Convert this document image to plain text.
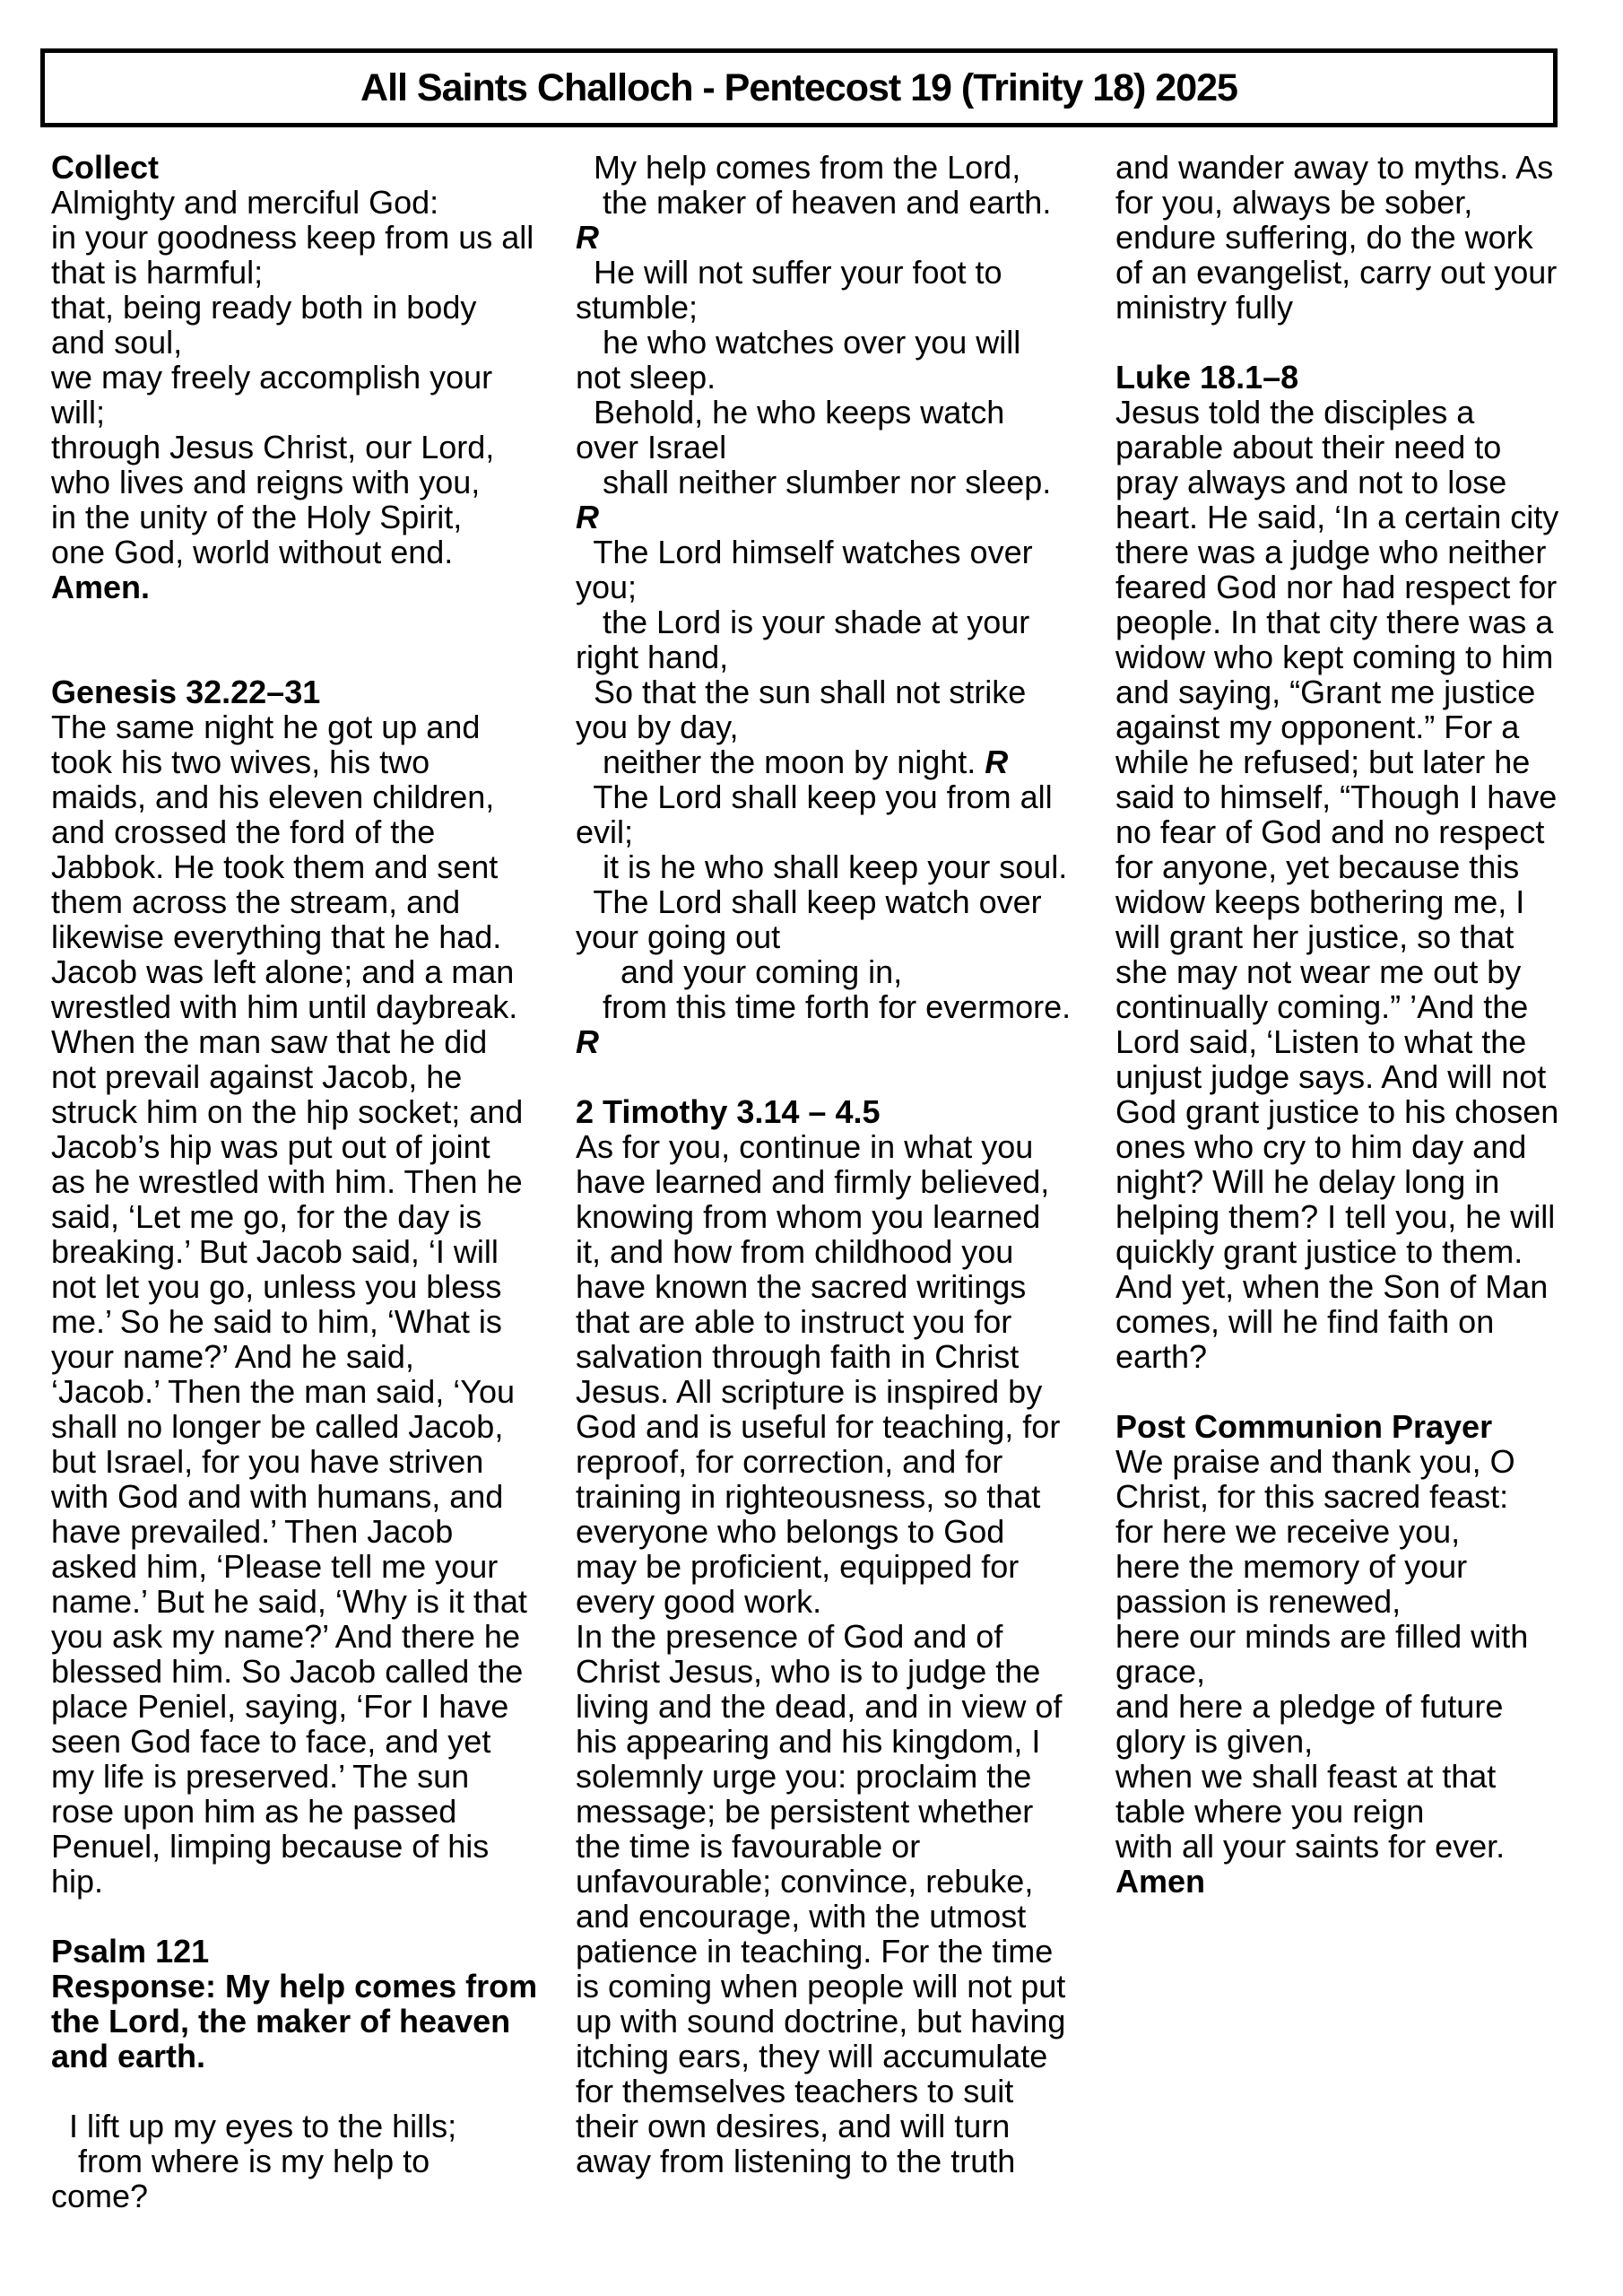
All Saints Challoch - Pentecost 19 (Trinity 18) 2025
Collect
Almighty and merciful God:
in your goodness keep from us all
that is harmful;
that, being ready both in body
and soul,
we may freely accomplish your
will;
through Jesus Christ, our Lord,
who lives and reigns with you,
in the unity of the Holy Spirit,
one God, world without end.
Amen.

Genesis 32.22–31
The same night he got up and
took his two wives, his two
maids, and his eleven children,
and crossed the ford of the
Jabbok. He took them and sent
them across the stream, and
likewise everything that he had.
Jacob was left alone; and a man
wrestled with him until daybreak.
When the man saw that he did
not prevail against Jacob, he
struck him on the hip socket; and
Jacob’s hip was put out of joint
as he wrestled with him. Then he
said, ‘Let me go, for the day is
breaking.’ But Jacob said, ‘I will
not let you go, unless you bless
me.’ So he said to him, ‘What is
your name?’ And he said,
‘Jacob.’ Then the man said, ‘You
shall no longer be called Jacob,
but Israel, for you have striven
with God and with humans, and
have prevailed.’ Then Jacob
asked him, ‘Please tell me your
name.’ But he said, ‘Why is it that
you ask my name?’ And there he
blessed him. So Jacob called the
place Peniel, saying, ‘For I have
seen God face to face, and yet
my life is preserved.’ The sun
rose upon him as he passed
Penuel, limping because of his
hip.

Psalm 121
Response: My help comes from
the Lord, the maker of heaven
and earth.

I lift up my eyes to the hills;
from where is my help to
come?
My help comes from the Lord,
the maker of heaven and earth.
R
He will not suffer your foot to
stumble;
he who watches over you will
not sleep.
Behold, he who keeps watch
over Israel
shall neither slumber nor sleep.
R
The Lord himself watches over
you;
the Lord is your shade at your
right hand,
So that the sun shall not strike
you by day,
neither the moon by night. R
The Lord shall keep you from all
evil;
it is he who shall keep your soul.
The Lord shall keep watch over
your going out
and your coming in,
from this time forth for evermore.
R

2 Timothy 3.14 – 4.5
As for you, continue in what you
have learned and firmly believed,
knowing from whom you learned
it, and how from childhood you
have known the sacred writings
that are able to instruct you for
salvation through faith in Christ
Jesus. All scripture is inspired by
God and is useful for teaching, for
reproof, for correction, and for
training in righteousness, so that
everyone who belongs to God
may be proficient, equipped for
every good work.
In the presence of God and of
Christ Jesus, who is to judge the
living and the dead, and in view of
his appearing and his kingdom, I
solemnly urge you: proclaim the
message; be persistent whether
the time is favourable or
unfavourable; convince, rebuke,
and encourage, with the utmost
patience in teaching. For the time
is coming when people will not put
up with sound doctrine, but having
itching ears, they will accumulate
for themselves teachers to suit
their own desires, and will turn
away from listening to the truth
and wander away to myths. As
for you, always be sober,
endure suffering, do the work
of an evangelist, carry out your
ministry fully

Luke 18.1–8
Jesus told the disciples a
parable about their need to
pray always and not to lose
heart. He said, ‘In a certain city
there was a judge who neither
feared God nor had respect for
people. In that city there was a
widow who kept coming to him
and saying, “Grant me justice
against my opponent.” For a
while he refused; but later he
said to himself, “Though I have
no fear of God and no respect
for anyone, yet because this
widow keeps bothering me, I
will grant her justice, so that
she may not wear me out by
continually coming.” ’And the
Lord said, ‘Listen to what the
unjust judge says. And will not
God grant justice to his chosen
ones who cry to him day and
night? Will he delay long in
helping them? I tell you, he will
quickly grant justice to them.
And yet, when the Son of Man
comes, will he find faith on
earth?

Post Communion Prayer
We praise and thank you, O
Christ, for this sacred feast:
for here we receive you,
here the memory of your
passion is renewed,
here our minds are filled with
grace,
and here a pledge of future
glory is given,
when we shall feast at that
table where you reign
with all your saints for ever.
Amen
